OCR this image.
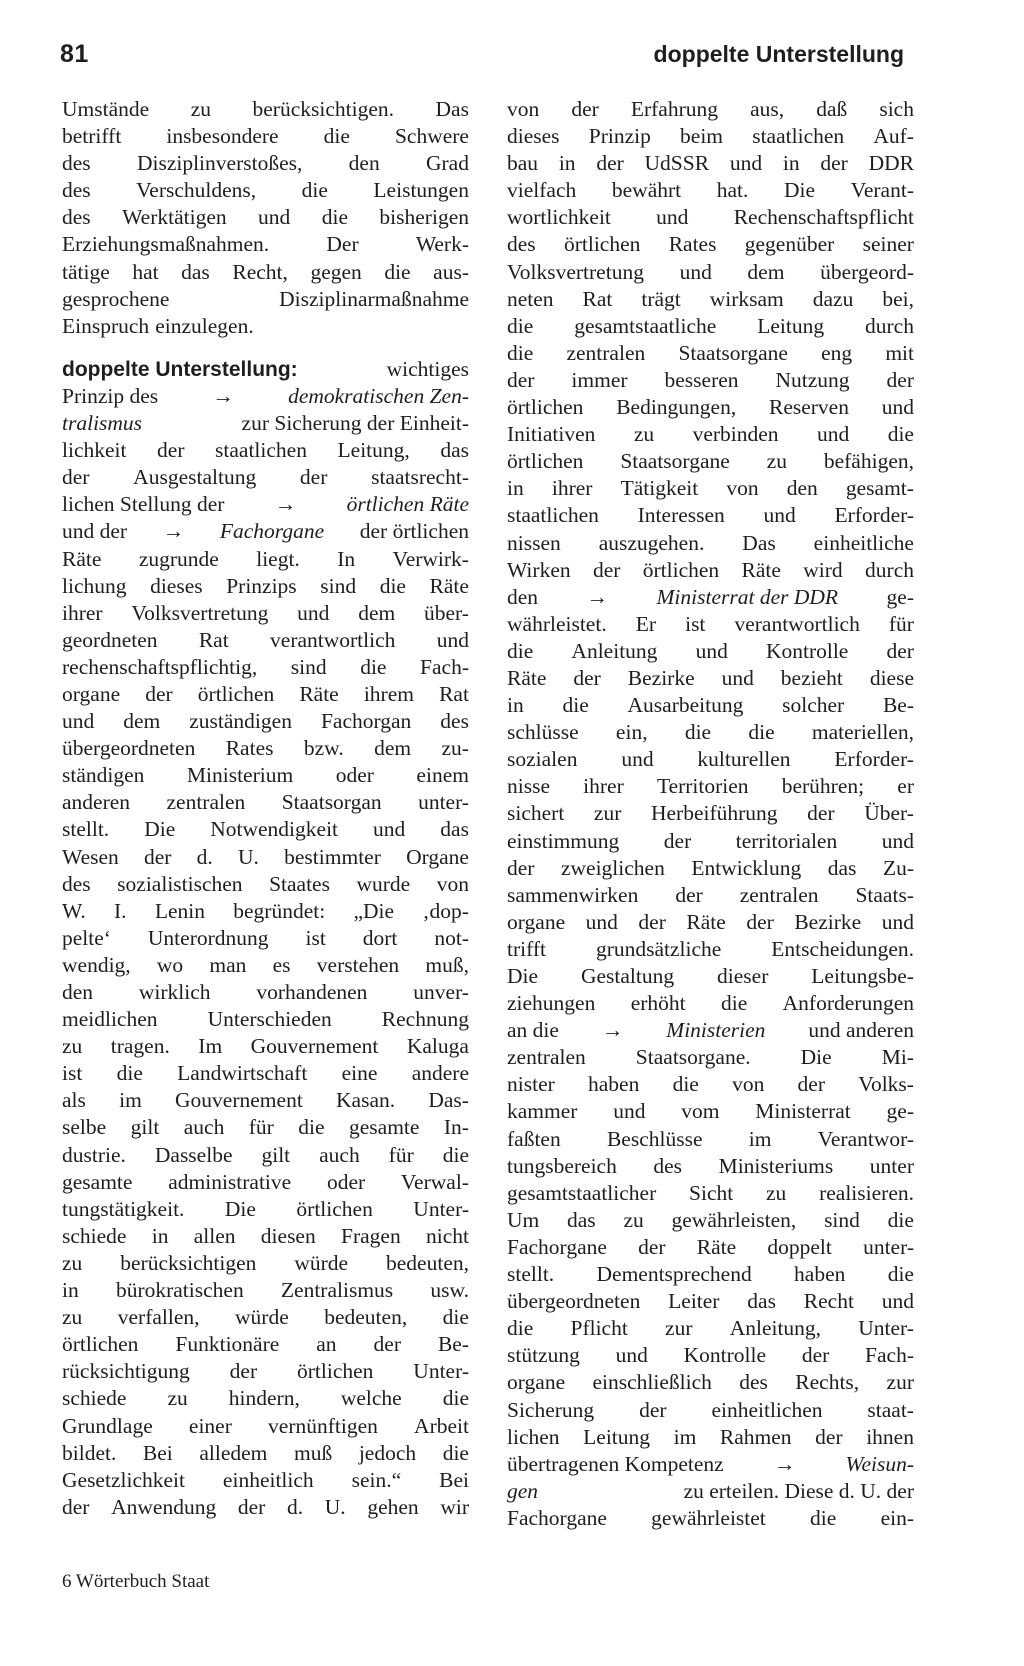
81	doppelte Unterstellung
Umstände zu berücksichtigen. Das
betrifft insbesondere die Schwere
des Disziplinverstoßes, den Grad
des Verschuldens, die Leistungen
des Werktätigen und die bisherigen
Erziehungsmaßnahmen.	Der	Werk-
tätige hat das Recht, gegen die aus-
gesprochene	Disziplinarmaßnahme
Einspruch einzulegen.
doppelte Unterstellung:	wichtiges
Prinzip des	→	demokratischen Zen-
tralismus	zur Sicherung der Einheit-
lichkeit der staatlichen Leitung, das
der Ausgestaltung der staatsrecht-
lichen Stellung der → örtlichen Räte
und der → Fachorgane der örtlichen
Räte zugrunde liegt. In Verwirk-
lichung dieses Prinzips sind die Räte
ihrer Volksvertretung und dem über-
geordneten Rat verantwortlich und
rechenschaftspflichtig, sind die Fach-
organe der örtlichen Räte ihrem Rat
und dem zuständigen Fachorgan des
übergeordneten Rates bzw. dem zu-
ständigen Ministerium oder einem
anderen zentralen Staatsorgan unter-
stellt. Die Notwendigkeit und das
Wesen der d. U. bestimmter Organe
des sozialistischen Staates wurde von
W. I. Lenin begründet: „Die ‚dop-
pelte‘ Unterordnung ist dort not-
wendig, wo man es verstehen muß,
den wirklich vorhandenen unver-
meidlichen Unterschieden Rechnung
zu tragen. Im Gouvernement Kaluga
ist die Landwirtschaft eine andere
als im Gouvernement Kasan. Das-
selbe gilt auch für die gesamte In-
dustrie. Dasselbe gilt auch für die
gesamte administrative oder Verwal-
tungstätigkeit. Die örtlichen Unter-
schiede in allen diesen Fragen nicht
zu berücksichtigen würde bedeuten,
in bürokratischen Zentralismus usw.
zu verfallen, würde bedeuten, die
örtlichen Funktionäre an der Be-
rücksichtigung der örtlichen Unter-
schiede zu hindern, welche die
Grundlage einer vernünftigen Arbeit
bildet. Bei alledem muß jedoch die
Gesetzlichkeit einheitlich sein.“ Bei
der Anwendung der d. U. gehen wir
von der Erfahrung aus, daß sich
dieses Prinzip beim staatlichen Auf-
bau in der UdSSR und in der DDR
vielfach bewährt hat. Die Verant-
wortlichkeit und Rechenschaftspflicht
des örtlichen Rates gegenüber seiner
Volksvertretung und dem übergeord-
neten Rat trägt wirksam dazu bei,
die gesamtstaatliche Leitung durch
die zentralen Staatsorgane eng mit
der immer besseren Nutzung der
örtlichen Bedingungen, Reserven und
Initiativen zu verbinden und die
örtlichen Staatsorgane zu befähigen,
in ihrer Tätigkeit von den gesamt-
staatlichen Interessen und Erforder-
nissen auszugehen. Das einheitliche
Wirken der örtlichen Räte wird durch
den → Ministerrat der DDR ge-
währleistet. Er ist verantwortlich für
die Anleitung und Kontrolle der
Räte der Bezirke und bezieht diese
in die Ausarbeitung solcher Be-
schlüsse ein, die die materiellen,
sozialen und kulturellen Erforder-
nisse ihrer Territorien berühren; er
sichert zur Herbeiführung der Über-
einstimmung der territorialen und
der zweiglichen Entwicklung das Zu-
sammenwirken der zentralen Staats-
organe und der Räte der Bezirke und
trifft grundsätzliche Entscheidungen.
Die Gestaltung dieser Leitungsbe-
ziehungen erhöht die Anforderungen
an die → Ministerien und anderen
zentralen Staatsorgane. Die Mi-
nister haben die von der Volks-
kammer und vom Ministerrat ge-
faßten Beschlüsse im Verantwor-
tungsbereich des Ministeriums unter
gesamtstaatlicher Sicht zu realisieren.
Um das zu gewährleisten, sind die
Fachorgane der Räte doppelt unter-
stellt. Dementsprechend haben die
übergeordneten Leiter das Recht und
die Pflicht zur Anleitung, Unter-
stützung und Kontrolle der Fach-
organe einschließlich des Rechts, zur
Sicherung der einheitlichen staat-
lichen Leitung im Rahmen der ihnen
übertragenen Kompetenz → Weisun-
gen	zu erteilen. Diese d. U. der
Fachorgane gewährleistet die ein-
6 Wörterbuch Staat
